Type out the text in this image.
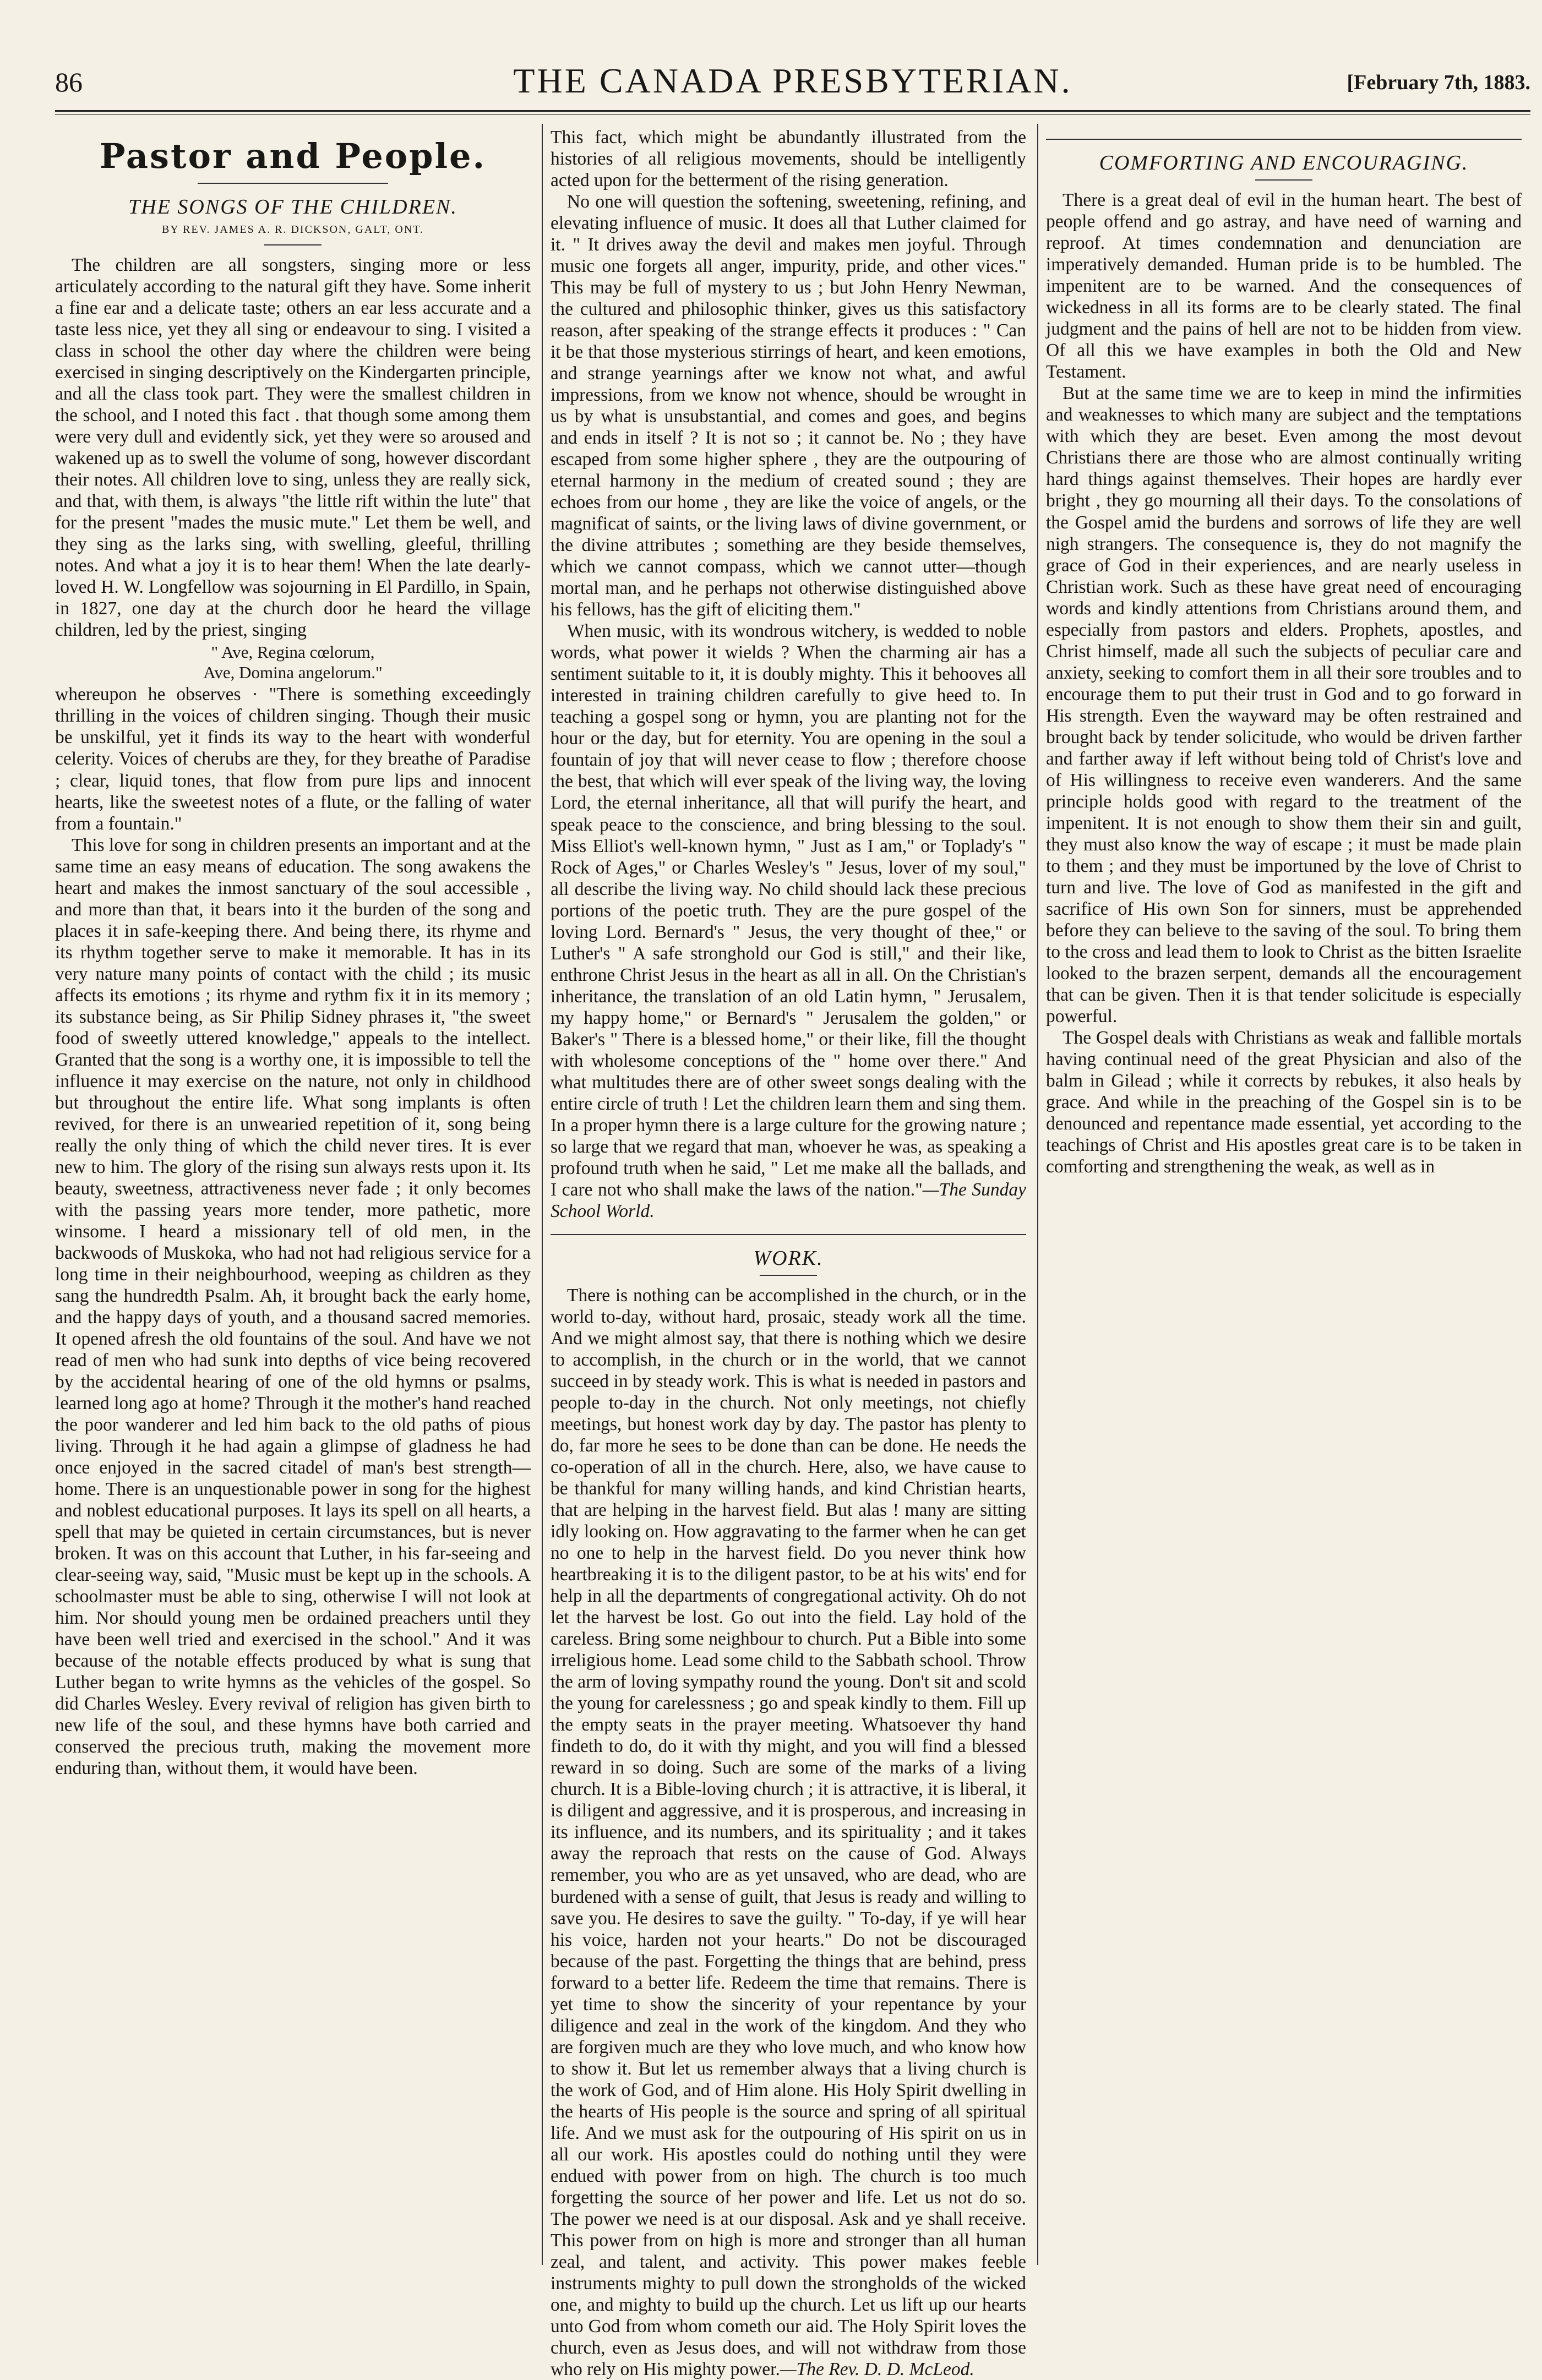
86	THE CANADA PRESBYTERIAN.	[February 7th, 1883.
Pastor and People.
THE SONGS OF THE CHILDREN.
BY REV. JAMES A. R. DICKSON, GALT, ONT.

The children are all songsters, singing more or less articulately according to the natural gift they have. Some inherit a fine ear and a delicate taste; others an ear less accurate and a taste less nice, yet they all sing or endeavour to sing. I visited a class in school the other day where the children were being exercised in singing descriptively on the Kindergarten principle, and all the class took part. They were the smallest children in the school, and I noted this fact . that though some among them were very dull and evidently sick, yet they were so aroused and wakened up as to swell the volume of song, however discordant their notes. All children love to sing, unless they are really sick, and that, with them, is always "the little rift within the lute" that for the present "mades the music mute." Let them be well, and they sing as the larks sing, with swelling, gleeful, thrilling notes. And what a joy it is to hear them! When the late dearly-loved H. W. Longfellow was sojourning in El Pardillo, in Spain, in 1827, one day at the church door he heard the village children, led by the priest, singing

" Ave, Regina cœlorum,
Ave, Domina angelorum."

whereupon he observes · "There is something exceedingly thrilling in the voices of children singing. Though their music be unskilful, yet it finds its way to the heart with wonderful celerity. Voices of cherubs are they, for they breathe of Paradise ; clear, liquid tones, that flow from pure lips and innocent hearts, like the sweetest notes of a flute, or the falling of water from a fountain."

This love for song in children presents an important and at the same time an easy means of education. The song awakens the heart and makes the inmost sanctuary of the soul accessible , and more than that, it bears into it the burden of the song and places it in safe-keeping there. And being there, its rhyme and its rhythm together serve to make it memorable. It has in its very nature many points of contact with the child ; its music affects its emotions ; its rhyme and rythm fix it in its memory ; its substance being, as Sir Philip Sidney phrases it, "the sweet food of sweetly uttered knowledge," appeals to the intellect. Granted that the song is a worthy one, it is impossible to tell the influence it may exercise on the nature, not only in childhood but throughout the entire life. What song implants is often revived, for there is an unwearied repetition of it, song being really the only thing of which the child never tires. It is ever new to him. The glory of the rising sun always rests upon it. Its beauty, sweetness, attractiveness never fade ; it only becomes with the passing years more tender, more pathetic, more winsome. I heard a missionary tell of old men, in the backwoods of Muskoka, who had not had religious service for a long time in their neighbourhood, weeping as children as they sang the hundredth Psalm. Ah, it brought back the early home, and the happy days of youth, and a thousand sacred memories. It opened afresh the old fountains of the soul. And have we not read of men who had sunk into depths of vice being recovered by the accidental hearing of one of the old hymns or psalms, learned long ago at home? Through it the mother's hand reached the poor wanderer and led him back to the old paths of pious living. Through it he had again a glimpse of gladness he had once enjoyed in the sacred citadel of man's best strength—home. There is an unquestionable power in song for the highest and noblest educational purposes. It lays its spell on all hearts, a spell that may be quieted in certain circumstances, but is never broken. It was on this account that Luther, in his far-seeing and clear-seeing way, said, "Music must be kept up in the schools. A schoolmaster must be able to sing, otherwise I will not look at him. Nor should young men be ordained preachers until they have been well tried and exercised in the school." And it was because of the notable effects produced by what is sung that Luther began to write hymns as the vehicles of the gospel. So did Charles Wesley. Every revival of religion has given birth to new life of the soul, and these hymns have both carried and conserved the precious truth, making the movement more enduring than, without them, it would have been.

This fact, which might be abundantly illustrated from the histories of all religious movements, should be intelligently acted upon for the betterment of the rising generation.

No one will question the softening, sweetening, refining, and elevating influence of music. It does all that Luther claimed for it. " It drives away the devil and makes men joyful. Through music one forgets all anger, impurity, pride, and other vices." This may be full of mystery to us ; but John Henry Newman, the cultured and philosophic thinker, gives us this satisfactory reason, after speaking of the strange effects it produces : " Can it be that those mysterious stirrings of heart, and keen emotions, and strange yearnings after we know not what, and awful impressions, from we know not whence, should be wrought in us by what is unsubstantial, and comes and goes, and begins and ends in itself ? It is not so ; it cannot be. No ; they have escaped from some higher sphere , they are the outpouring of eternal harmony in the medium of created sound ; they are echoes from our home , they are like the voice of angels, or the magnificat of saints, or the living laws of divine government, or the divine attributes ; something are they beside themselves, which we cannot compass, which we cannot utter—though mortal man, and he perhaps not otherwise distinguished above his fellows, has the gift of eliciting them."

When music, with its wondrous witchery, is wedded to noble words, what power it wields ? When the charming air has a sentiment suitable to it, it is doubly mighty. This it behooves all interested in training children carefully to give heed to. In teaching a gospel song or hymn, you are planting not for the hour or the day, but for eternity. You are opening in the soul a fountain of joy that will never cease to flow ; therefore choose the best, that which will ever speak of the living way, the loving Lord, the eternal inheritance, all that will purify the heart, and speak peace to the conscience, and bring blessing to the soul. Miss Elliot's well-known hymn, " Just as I am," or Toplady's " Rock of Ages," or Charles Wesley's " Jesus, lover of my soul," all describe the living way. No child should lack these precious portions of the poetic truth. They are the pure gospel of the loving Lord. Bernard's " Jesus, the very thought of thee," or Luther's " A safe stronghold our God is still," and their like, enthrone Christ Jesus in the heart as all in all. On the Christian's inheritance, the translation of an old Latin hymn, " Jerusalem, my happy home," or Bernard's " Jerusalem the golden," or Baker's " There is a blessed home," or their like, fill the thought with wholesome conceptions of the " home over there." And what multitudes there are of other sweet songs dealing with the entire circle of truth ! Let the children learn them and sing them. In a proper hymn there is a large culture for the growing nature ; so large that we regard that man, whoever he was, as speaking a profound truth when he said, " Let me make all the ballads, and I care not who shall make the laws of the nation."—The Sunday School World.

WORK.

There is nothing can be accomplished in the church, or in the world to-day, without hard, prosaic, steady work all the time. And we might almost say, that there is nothing which we desire to accomplish, in the church or in the world, that we cannot succeed in by steady work. This is what is needed in pastors and people to-day in the church. Not only meetings, not chiefly meetings, but honest work day by day. The pastor has plenty to do, far more he sees to be done than can be done. He needs the co-operation of all in the church. Here, also, we have cause to be thankful for many willing hands, and kind Christian hearts, that are helping in the harvest field. But alas ! many are sitting idly looking on. How aggravating to the farmer when he can get no one to help in the harvest field. Do you never think how heartbreaking it is to the diligent pastor, to be at his wits' end for help in all the departments of congregational activity. Oh do not let the harvest be lost. Go out into the field. Lay hold of the careless. Bring some neighbour to church. Put a Bible into some irreligious home. Lead some child to the Sabbath school. Throw the arm of loving sympathy round the young. Don't sit and scold the young for carelessness ; go and speak kindly to them. Fill up the empty seats in the prayer meeting. Whatsoever thy hand findeth to do, do it with thy might, and you will find a blessed reward in so doing. Such are some of the marks of a living church. It is a Bible-loving church ; it is attractive, it is liberal, it is diligent and aggressive, and it is prosperous, and increasing in its influence, and its numbers, and its spirituality ; and it takes away the reproach that rests on the cause of God. Always remember, you who are as yet unsaved, who are dead, who are burdened with a sense of guilt, that Jesus is ready and willing to save you. He desires to save the guilty. " To-day, if ye will hear his voice, harden not your hearts." Do not be discouraged because of the past. Forgetting the things that are behind, press forward to a better life. Redeem the time that remains. There is yet time to show the sincerity of your repentance by your diligence and zeal in the work of the kingdom. And they who are forgiven much are they who love much, and who know how to show it. But let us remember always that a living church is the work of God, and of Him alone. His Holy Spirit dwelling in the hearts of His people is the source and spring of all spiritual life. And we must ask for the outpouring of His spirit on us in all our work. His apostles could do nothing until they were endued with power from on high. The church is too much forgetting the source of her power and life. Let us not do so. The power we need is at our disposal. Ask and ye shall receive. This power from on high is more and stronger than all human zeal, and talent, and activity. This power makes feeble instruments mighty to pull down the strongholds of the wicked one, and mighty to build up the church. Let us lift up our hearts unto God from whom cometh our aid. The Holy Spirit loves the church, even as Jesus does, and will not withdraw from those who rely on His mighty power.—The Rev. D. D. McLeod.

COMFORTING AND ENCOURAGING.

There is a great deal of evil in the human heart. The best of people offend and go astray, and have need of warning and reproof. At times condemnation and denunciation are imperatively demanded. Human pride is to be humbled. The impenitent are to be warned. And the consequences of wickedness in all its forms are to be clearly stated. The final judgment and the pains of hell are not to be hidden from view. Of all this we have examples in both the Old and New Testament.

But at the same time we are to keep in mind the infirmities and weaknesses to which many are subject and the temptations with which they are beset. Even among the most devout Christians there are those who are almost continually writing hard things against themselves. Their hopes are hardly ever bright , they go mourning all their days. To the consolations of the Gospel amid the burdens and sorrows of life they are well nigh strangers. The consequence is, they do not magnify the grace of God in their experiences, and are nearly useless in Christian work. Such as these have great need of encouraging words and kindly attentions from Christians around them, and especially from pastors and elders. Prophets, apostles, and Christ himself, made all such the subjects of peculiar care and anxiety, seeking to comfort them in all their sore troubles and to encourage them to put their trust in God and to go forward in His strength. Even the wayward may be often restrained and brought back by tender solicitude, who would be driven farther and farther away if left without being told of Christ's love and of His willingness to receive even wanderers. And the same principle holds good with regard to the treatment of the impenitent. It is not enough to show them their sin and guilt, they must also know the way of escape ; it must be made plain to them ; and they must be importuned by the love of Christ to turn and live. The love of God as manifested in the gift and sacrifice of His own Son for sinners, must be apprehended before they can believe to the saving of the soul. To bring them to the cross and lead them to look to Christ as the bitten Israelite looked to the brazen serpent, demands all the encouragement that can be given. Then it is that tender solicitude is especially powerful.

The Gospel deals with Christians as weak and fallible mortals having continual need of the great Physician and also of the balm in Gilead ; while it corrects by rebukes, it also heals by grace. And while in the preaching of the Gospel sin is to be denounced and repentance made essential, yet according to the teachings of Christ and His apostles great care is to be taken in comforting and strengthening the weak, as well as in
